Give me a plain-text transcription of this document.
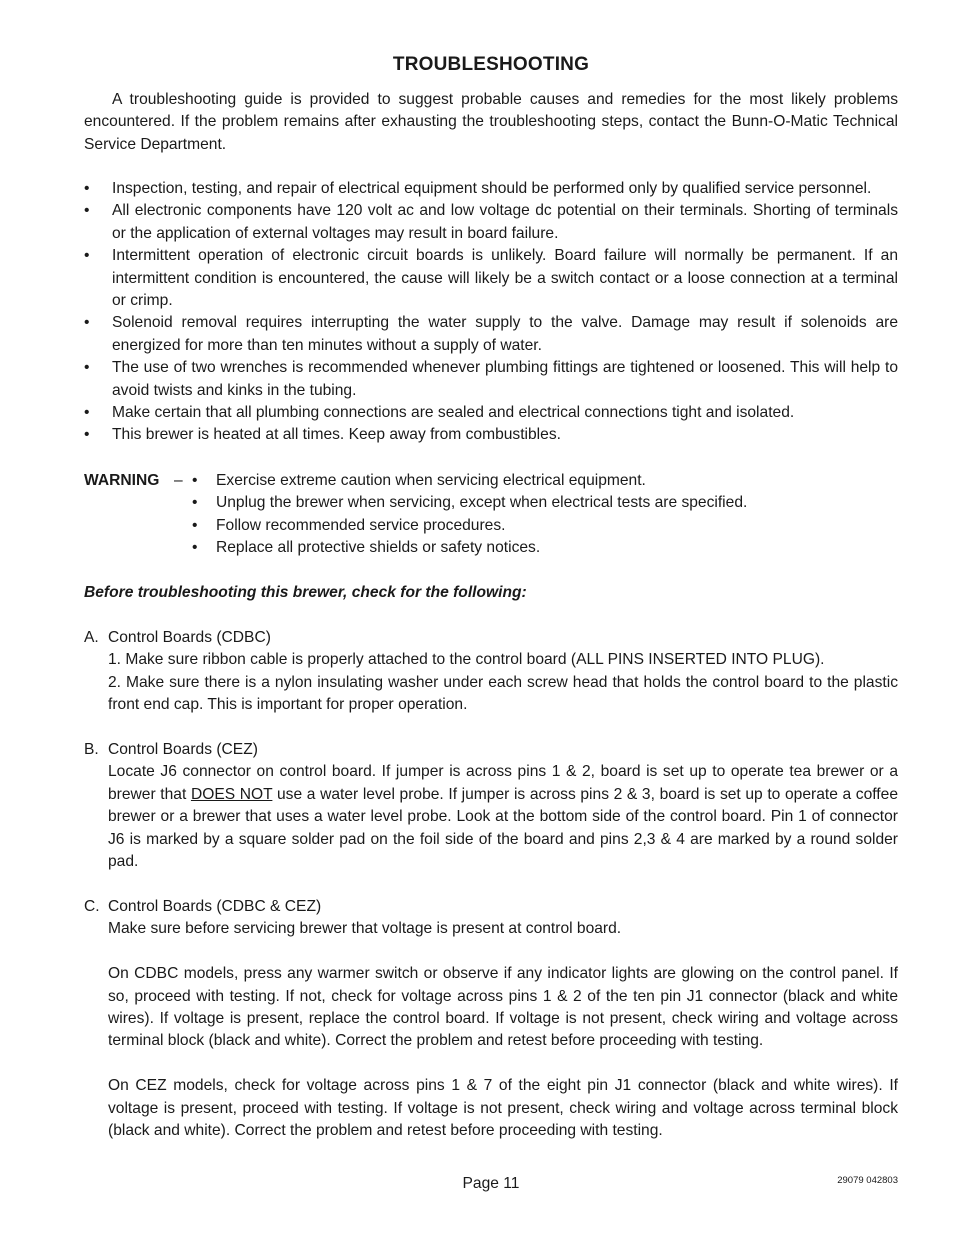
TROUBLESHOOTING
A troubleshooting guide is provided to suggest probable causes and remedies for the most likely problems encountered. If the problem remains after exhausting the troubleshooting steps, contact the Bunn-O-Matic Technical Service Department.
• Inspection, testing, and repair of electrical equipment should be performed only by qualified service personnel.
• All electronic components have 120 volt ac and low voltage dc potential on their terminals. Shorting of terminals or the application of external voltages may result in board failure.
• Intermittent operation of electronic circuit boards is unlikely. Board failure will normally be permanent. If an intermittent condition is encountered, the cause will likely be a switch contact or a loose connection at a terminal or crimp.
• Solenoid removal requires interrupting the water supply to the valve. Damage may result if solenoids are energized for more than ten minutes without a supply of water.
• The use of two wrenches is recommended whenever plumbing fittings are tightened or loosened. This will help to avoid twists and kinks in the tubing.
• Make certain that all plumbing connections are sealed and electrical connections tight and isolated.
• This brewer is heated at all times. Keep away from combustibles.
WARNING – • Exercise extreme caution when servicing electrical equipment.
• Unplug the brewer when servicing, except when electrical tests are specified.
• Follow recommended service procedures.
• Replace all protective shields or safety notices.
Before troubleshooting this brewer, check for the following:
A. Control Boards (CDBC)

1. Make sure ribbon cable is properly attached to the control board (ALL PINS INSERTED INTO PLUG).

2. Make sure there is a nylon insulating washer under each screw head that holds the control board to the plastic front end cap. This is important for proper operation.

B. Control Boards (CEZ)

Locate J6 connector on control board. If jumper is across pins 1 & 2, board is set up to operate tea brewer or a brewer that DOES NOT use a water level probe. If jumper is across pins 2 & 3, board is set up to operate a coffee brewer or a brewer that uses a water level probe. Look at the bottom side of the control board. Pin 1 of connector J6 is marked by a square solder pad on the foil side of the board and pins 2,3 & 4 are marked by a round solder pad.

C. Control Boards (CDBC & CEZ)

Make sure before servicing brewer that voltage is present at control board.

On CDBC models, press any warmer switch or observe if any indicator lights are glowing on the control panel. If so, proceed with testing. If not, check for voltage across pins 1 & 2 of the ten pin J1 connector (black and white wires). If voltage is present, replace the control board. If voltage is not present, check wiring and voltage across terminal block (black and white). Correct the problem and retest before proceeding with testing.

On CEZ models, check for voltage across pins 1 & 7 of the eight pin J1 connector (black and white wires). If voltage is present, proceed with testing. If voltage is not present, check wiring and voltage across terminal block (black and white). Correct the problem and retest before proceeding with testing.

Page 11	29079 042803
